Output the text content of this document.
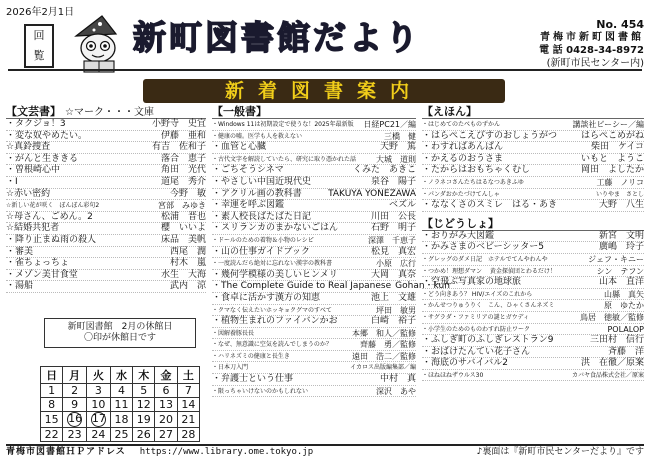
2026年2月1日
回
覧	新町図書館だより	No. 454
青梅市新町図書館
電 話 0428-34-8972
(新町市民センター内)
新着図書案内
【文芸書】 ☆マーク・・・文庫
・タクジョ！3	小野寺　史宜
・変な奴やめたい。	伊藤　亜和
☆真鈴捜査	有吉　佐和子
・がんと生ききる	落合　恵子
・曽根崎心中	角田　光代
・I	道尾　秀介
☆赤い密約	今野　敏
☆新しい花が咲く　ぼんぼん彩句2	宮部　みゆき
☆母さん、ごめん。2	松浦　晋也
☆結婚共犯者	櫻　いいよ
・降り止まぬ雨の殺人	床品　美帆
・審美	西尾　潤
・雀ちょっちょ	村木　嵐
・メゾン美甘食堂	水生　大海
・湯船	武内　涼
【一般書】
・Windows 11は初期設定で使うな！2025年最新版 日経PC21／編
・健康の嘘。医学も人を救えない	三橋　健
・血管と心臓	天野　篤
・古代文字を解読していたら、研究に取り憑かれた話 大城　道則
・ごちそうシネマ	くみた　あきこ
・やさしい中国近現代史	泉谷　陽子
・アクリル画の教科書	TAKUYA YONEZAWA
・幸運を呼ぶ図鑑	ベズル
・素人校長ばたばた日記	川田　公長
・スリランカのまかないごはん	石野　明子
・ドールのための着物＆小物のレシピ	深澤　千恵子
・山の仕事ガイドブック	松見　真宏
・一度読んだら絶対に忘れない漢字の教科書	小原　広行
・幾何学模様の美しいヒンメリ	大岡　真奈
・The Complete Guide to Real Japanese Gohan・kun
・食卓に活かす漢方の知恵	池上　文雄
・クマなく伝えたいホッキョクグマのすべて	坪田　敏男
・植物生まれのファイバンかお	白崎　裕子
・図解養豚長長	本郷　和人／監修
・なぜ、無意識に空気を読んでしまうのか？	齊藤　勇／監修
・ハリネズミの健康と長生き	遠田　浩二／監修
・日本刀入門	イカロス出版編集部／編
・弁護士という仕事	中村　真
・限っちゃいけないのかもしれない	深沢　あや
【えほん】
・はじめてのたべものずかん	講談社ビーシー／編
・はらぺこえびすのおしょうがつ	はらぺこめがね
・わすればあんぱん	柴田　ケイコ
・かえるのおうさま	いもと　ようこ
・たからはおもちゃくむし	岡田　よしたか
・ノラネコさんたちはるなつあきふゆ	工藤　ノリコ
・パンダおかたづけてんしゃ	いりやま　さとし
・ななくさのスミレ　はる・あき	大野　八生
【じどうしょ】
・おりがみ大図鑑	新宮　文明
・かみさまのベビーシッター5	廣嶋　玲子
・グレッグのダメ日記　ホテルでてんやわんや	ジェフ・キニー
・つかめ！理想ダマン 　黄金探偵団とわるだけ！	シン　テフン
・空飛ぶ写真家の地球旅	山本　直洋
・どう向きあう？ HIV/エイズのこれから	山縣　真矢
・かんせつりゅうりく　こん、ひゃくさんネズミ	原　ゆたか
・サグラダ・ファミリアの謎とガウディ	鳥居　徳敏／監修
・小学生のためのものわすれ防止ワーク	POLALOP
・ふしぎ町のふしぎレストラン9	三田村　信行
・おばけたんてい花子さん	斉藤　洋
・海底のサバイバル2	洪　在徹／原案
・ほねほねザウルス30	カバヤ食品株式会社／原案
新町図書館　2月の休館日
〇印が休館日です
日	月	火	水	木	金	土
1	2	3	4	5	6	7
8	9	10	11	12	13	14
15	16	17	18	19	20	21
22	23	24	25	26	27	28
青梅市図書館ＨＰアドレス https://www.library.ome.tokyo.jp	♪裏面は『新町市民センターだより』です
